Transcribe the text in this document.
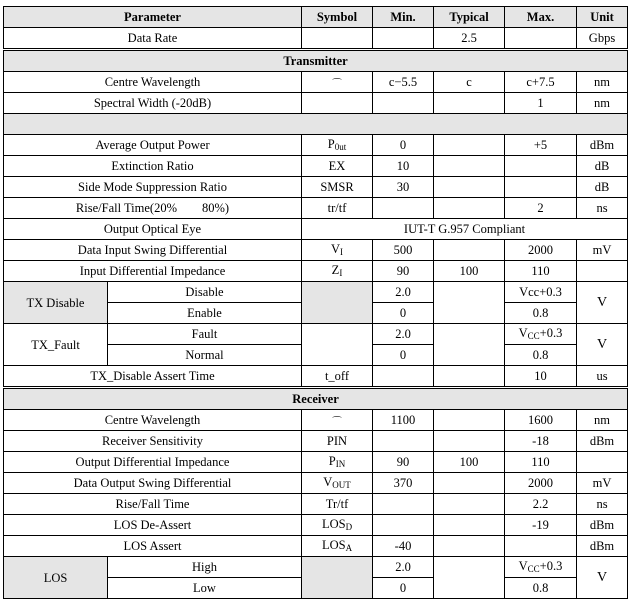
Parameter		Symbol	Min.	Typical	Max.	Unit
Data Rate				2.5		Gbps
Transmitter						
Centre Wavelength		$_⌒$	c−5.5	c	c+7.5	nm
Spectral Width (-20dB)					1	nm

Average Output Power		$P_{0ut}$	0		+5	dBm
Extinction Ratio		EX	10			dB
Side Mode Suppression Ratio		SMSR	30			dB
Rise/Fall Time(20%        80%)		tr/tf			2	ns
Output Optical Eye		IUT-T G.957 Compliant				
Data Input Swing Differential		$V_I$	500		2000	mV
Input Differential Impedance		$Z_I$	90	100	110	
TX Disable	Disable		2.0		Vcc+0.3	V
	Enable		0		0.8	
TX_Fault	Fault		2.0		$V_{CC}+0.3$	V
	Normal		0		0.8	
TX_Disable Assert Time		t_off			10	us
Receiver						
Centre Wavelength		$_⌒$	1100		1600	nm
Receiver Sensitivity		PIN			-18	dBm
Output Differential Impedance		$P_{IN}$	90	100	110	
Data Output Swing Differential		$V_{OUT}$	370		2000	mV
Rise/Fall Time		Tr/tf			2.2	ns
LOS De-Assert		$LOS_D$			-19	dBm
LOS Assert		$LOS_A$	-40			dBm
LOS	High		2.0		$V_{CC}+0.3$	V
	Low		0		0.8	
